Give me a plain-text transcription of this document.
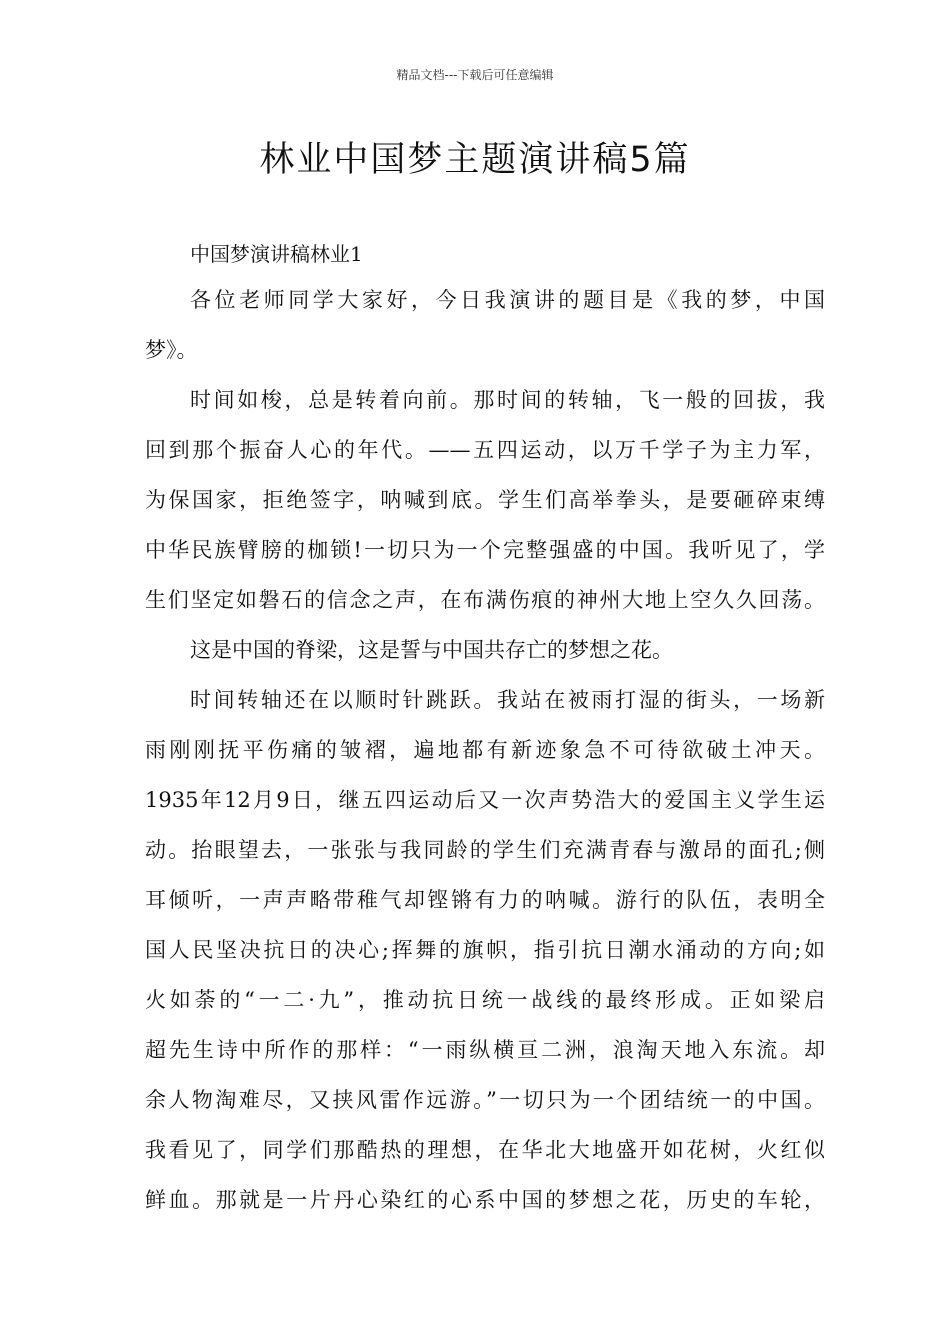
精品文档---下载后可任意编辑
林业中国梦主题演讲稿5篇
中国梦演讲稿林业1
各位老师同学大家好，今日我演讲的题目是《我的梦，中国
梦》。
时间如梭，总是转着向前。那时间的转轴，飞一般的回拔，我
回到那个振奋人心的年代。——五四运动，以万千学子为主力军，
为保国家，拒绝签字，呐喊到底。学生们高举拳头，是要砸碎束缚
中华民族臂膀的枷锁!一切只为一个完整强盛的中国。我听见了，学
生们坚定如磐石的信念之声，在布满伤痕的神州大地上空久久回荡。
这是中国的脊梁，这是誓与中国共存亡的梦想之花。
时间转轴还在以顺时针跳跃。我站在被雨打湿的街头，一场新
雨刚刚抚平伤痛的皱褶，遍地都有新迹象急不可待欲破土冲天。
1935年12月9日，继五四运动后又一次声势浩大的爱国主义学生运
动。抬眼望去，一张张与我同龄的学生们充满青春与激昂的面孔;侧
耳倾听，一声声略带稚气却铿锵有力的呐喊。游行的队伍，表明全
国人民坚决抗日的决心;挥舞的旗帜，指引抗日潮水涌动的方向;如
火如荼的“一二·九”，推动抗日统一战线的最终形成。正如梁启
超先生诗中所作的那样：“一雨纵横亘二洲，浪淘天地入东流。却
余人物淘难尽，又挟风雷作远游。”一切只为一个团结统一的中国。
我看见了，同学们那酷热的理想，在华北大地盛开如花树，火红似
鲜血。那就是一片丹心染红的心系中国的梦想之花，历史的车轮，
